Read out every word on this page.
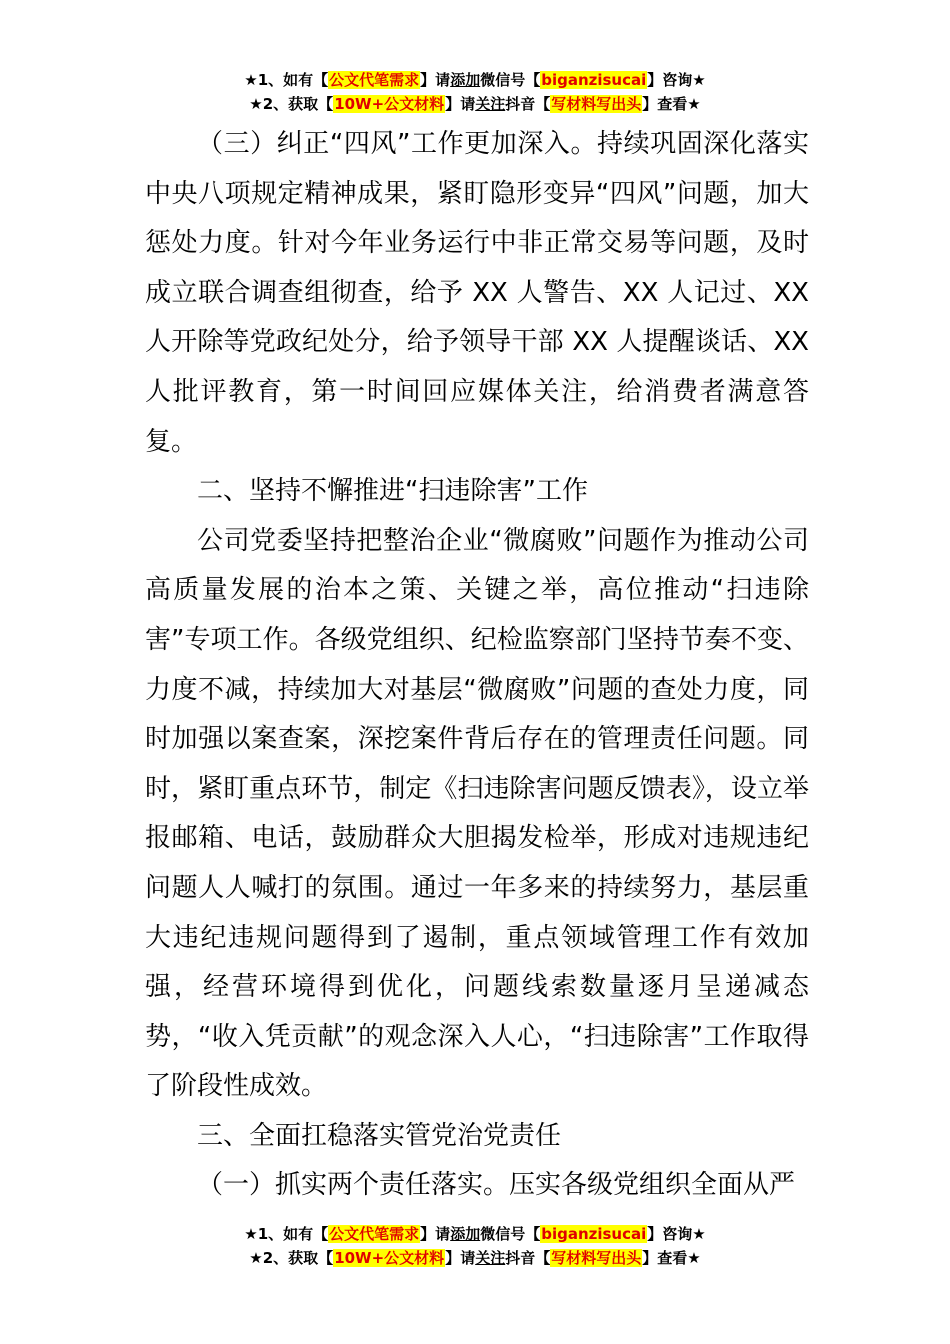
★1、如有【公文代笔需求】请添加微信号【biganzisucai】咨询★
★2、获取【10W+公文材料】请关注抖音【写材料写出头】查看★

（三）纠正“四风”工作更加深入。持续巩固深化落实中央八项规定精神成果，紧盯隐形变异“四风”问题，加大惩处力度。针对今年业务运行中非正常交易等问题，及时成立联合调查组彻查，给予 XX 人警告、XX 人记过、XX 人开除等党政纪处分，给予领导干部 XX 人提醒谈话、XX 人批评教育，第一时间回应媒体关注，给消费者满意答复。

二、坚持不懈推进“扫违除害”工作

公司党委坚持把整治企业“微腐败”问题作为推动公司高质量发展的治本之策、关键之举，高位推动“扫违除害”专项工作。各级党组织、纪检监察部门坚持节奏不变、力度不减，持续加大对基层“微腐败”问题的查处力度，同时加强以案查案，深挖案件背后存在的管理责任问题。同时，紧盯重点环节，制定《扫违除害问题反馈表》，设立举报邮箱、电话，鼓励群众大胆揭发检举，形成对违规违纪问题人人喊打的氛围。通过一年多来的持续努力，基层重大违纪违规问题得到了遏制，重点领域管理工作有效加强，经营环境得到优化，问题线索数量逐月呈递减态势，“收入凭贡献”的观念深入人心，“扫违除害”工作取得了阶段性成效。

三、全面扛稳落实管党治党责任

（一）抓实两个责任落实。压实各级党组织全面从严

★1、如有【公文代笔需求】请添加微信号【biganzisucai】咨询★
★2、获取【10W+公文材料】请关注抖音【写材料写出头】查看★
